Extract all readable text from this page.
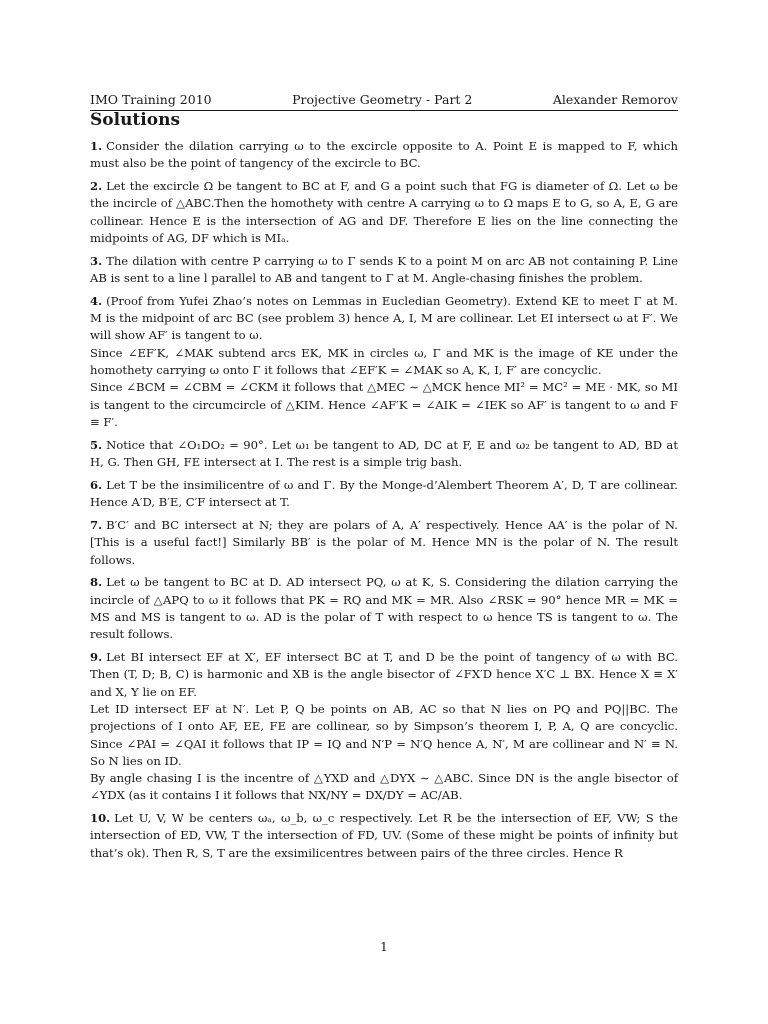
IMO Training 2010	Projective Geometry - Part 2	Alexander Remorov
Solutions

1. Consider the dilation carrying ω to the excircle opposite to A. Point E is mapped to F, which must also be the point of tangency of the excircle to BC.

2. Let the excircle Ω be tangent to BC at F, and G a point such that FG is diameter of Ω. Let ω be the incircle of △ABC.Then the homothety with centre A carrying ω to Ω maps E to G, so A, E, G are collinear. Hence E is the intersection of AG and DF. Therefore E lies on the line connecting the midpoints of AG, DF which is MIₐ.

3. The dilation with centre P carrying ω to Γ sends K to a point M on arc AB not containing P. Line AB is sent to a line l parallel to AB and tangent to Γ at M. Angle-chasing finishes the problem.

4. (Proof from Yufei Zhao’s notes on Lemmas in Eucledian Geometry). Extend KE to meet Γ at M. M is the midpoint of arc BC (see problem 3) hence A, I, M are collinear. Let EI intersect ω at F′. We will show AF′ is tangent to ω.
Since ∠EF′K, ∠MAK subtend arcs EK, MK in circles ω, Γ and MK is the image of KE under the homothety carrying ω onto Γ it follows that ∠EF′K = ∠MAK so A, K, I, F′ are concyclic.
Since ∠BCM = ∠CBM = ∠CKM it follows that △MEC ∼ △MCK hence MI² = MC² = ME · MK, so MI is tangent to the circumcircle of △KIM. Hence ∠AF′K = ∠AIK = ∠IEK so AF′ is tangent to ω and F ≡ F′.

5. Notice that ∠O₁DO₂ = 90°. Let ω₁ be tangent to AD, DC at F, E and ω₂ be tangent to AD, BD at H, G. Then GH, FE intersect at I. The rest is a simple trig bash.

6. Let T be the insimilicentre of ω and Γ. By the Monge-d’Alembert Theorem A′, D, T are collinear. Hence A′D, B′E, C′F intersect at T.

7. B′C′ and BC intersect at N; they are polars of A, A′ respectively. Hence AA′ is the polar of N. [This is a useful fact!] Similarly BB′ is the polar of M. Hence MN is the polar of N. The result follows.

8. Let ω be tangent to BC at D. AD intersect PQ, ω at K, S. Considering the dilation carrying the incircle of △APQ to ω it follows that PK = RQ and MK = MR. Also ∠RSK = 90° hence MR = MK = MS and MS is tangent to ω. AD is the polar of T with respect to ω hence TS is tangent to ω. The result follows.

9. Let BI intersect EF at X′, EF intersect BC at T, and D be the point of tangency of ω with BC. Then (T, D; B, C) is harmonic and XB is the angle bisector of ∠FX′D hence X′C ⊥ BX. Hence X ≡ X′ and X, Y lie on EF.
Let ID intersect EF at N′. Let P, Q be points on AB, AC so that N lies on PQ and PQ||BC. The projections of I onto AF, EE, FE are collinear, so by Simpson’s theorem I, P, A, Q are concyclic. Since ∠PAI = ∠QAI it follows that IP = IQ and N′P = N′Q hence A, N′, M are collinear and N′ ≡ N. So N lies on ID.
By angle chasing I is the incentre of △YXD and △DYX ∼ △ABC. Since DN is the angle bisector of ∠YDX (as it contains I it follows that NX/NY = DX/DY = AC/AB.

10. Let U, V, W be centers ωₐ, ω_b, ω_c respectively. Let R be the intersection of EF, VW; S the intersection of ED, VW, T the intersection of FD, UV. (Some of these might be points of infinity but that’s ok). Then R, S, T are the exsimilicentres between pairs of the three circles. Hence R

1
